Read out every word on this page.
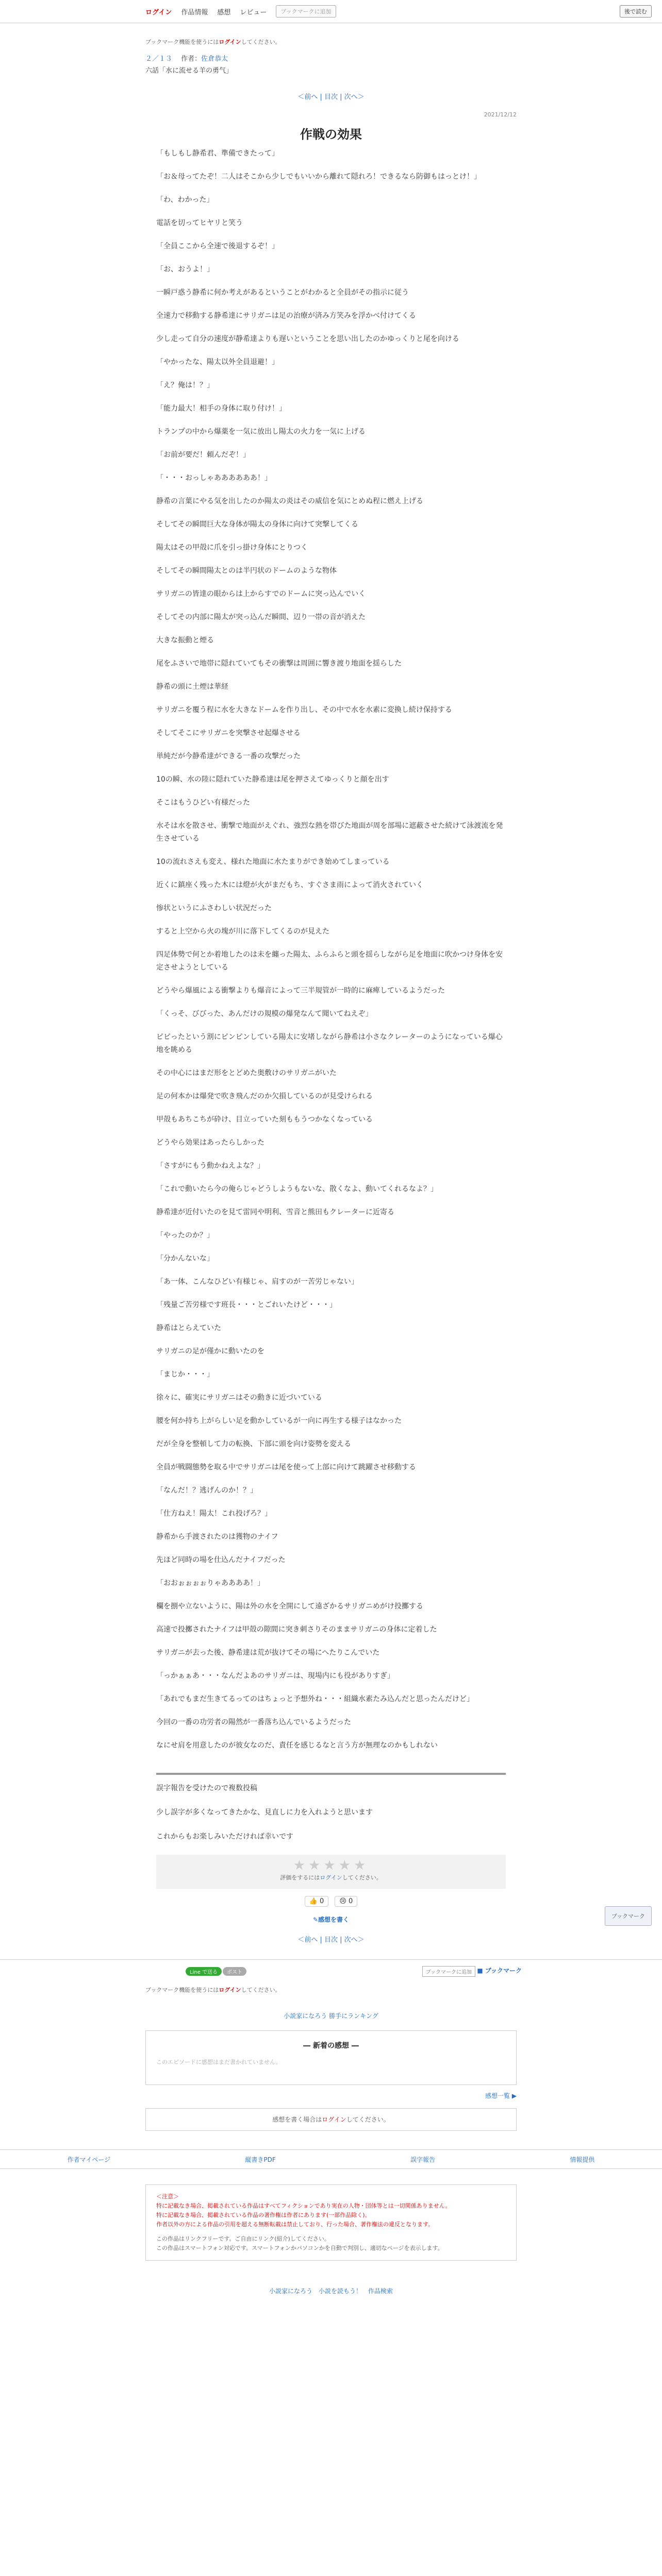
ログイン 作品情報 感想 レビュー	ブックマークに追加	後で読む
ブックマーク機能を使うにはログインしてください。
２／１３　 作者：佐倉恭太
六話「水に流せる羊の勇气」
＜前へ | 目次 | 次へ＞
2021/12/12
作戦の効果

「もしもし静希君、準備できたって」

「お＆母ってたぞ！二人はそこから少しでもいいから離れて隠れろ！できるなら防御もはっとけ！」

「わ、わかった」

電話を切ってヒヤリと笑う

「全員ここから全速で後退するぞ！」

「お、おうよ！」

一瞬戸惑う静希に何か考えがあるということがわかると全員がその指示に従う

全速力で移動する静希達にサリガニは足の治療が済み方笑みを浮かべ付けてくる

少し走って自分の速度が静希達よりも遅いということを思い出したのかゆっくりと尾を向ける

「やかったな、陽太以外全員退避！」

「え？俺は！？」

「能力最大！相手の身体に取り付け！」

トランプの中から爆薬を一気に放出し陽太の火力を一気に上げる

「お前が要だ！頼んだぞ！」

「・・・おっしゃああああああ！」

静希の言葉にやる気を出したのか陽太の炎はその威信を気にとめぬ程に燃え上げる

そしてその瞬間巨大な身体が陽太の身体に向けて突撃してくる

陽太はその甲殻に爪を引っ掛け身体にとりつく

そしてその瞬間陽太とのは半円状のドームのような物体

サリガニの皆達の眼からは上からすでのドームに突っ込んでいく

そしてその内部に陽太が突っ込んだ瞬間、辺り一帯の音が消えた

大きな振動と煙る

尾をふさいで地帯に隠れていてもその衝撃は周囲に響き渡り地面を揺らした

静希の頭に土煙は華経

サリガニを覆う程に水を大きなドームを作り出し、その中で水を水素に変換し続け保持する

そしてそこにサリガニを突撃させ起爆させる

単純だが今静希達ができる一番の攻撃だった

10の瞬、水の陸に隠れていた静希達は尾を押さえてゆっくりと顔を出す

そこはもうひどい有様だった

水そは水を散させ、衝撃で地面がえぐれ、強烈な熱を帯びた地面が周を部場に遮蔽させた続けて泳渡流を発生させている

10の流れさえも変え、様れた地面に水たまりができ始めてしまっている

近くに鎮座く残った木には燈が火がまだもち、すぐさま雨によって消火されていく

惨状というにふさわしい状況だった

すると上空から火の塊が川に落下してくるのが見えた

四足体勢で何とか着地したのは未を纏った陽太、ふらふらと頭を揺らしながら足を地面に吹かつけ身体を安定させようとしている

どうやら爆風による衝撃よりも爆音によって三半規管が一時的に麻痺しているようだった

「くっそ、びびった、あんだけの規模の爆発なんて聞いてねえぞ」

ピピったという割にピンピンしている陽太に安堵しながら静希は小さなクレーターのようになっている爆心地を眺める

その中心にはまだ形をとどめた奥敷けのサリガニがいた

足の何本かは爆発で吹き飛んだのか欠損しているのが見受けられる

甲殻もあちこちが砕け、目立っていた刻ももうつかなくなっている

どうやら効果はあったらしかった

「さすがにもう動かねえよな？」

「これで動いたら今の俺らじゃどうしようもないな、散くなよ、動いてくれるなよ？」

静希達が近付いたのを見て雷同や明利、雪音と熊田もクレーターに近寄る

「やったのか？」

「分かんないな」

「あ一体、こんなひどい有様じゃ、肩すのが一苦労じゃない」

「残量ご苦労様です班長・・・とごれいたけど・・・」

静希はとらえていた

サリガニの足が僅かに動いたのを

「まじか・・・」

徐々に、確実にサリガニはその動きに近づいている

腰を何か持ち上がらしい足を動かしているが一向に再生する様子はなかった

だが全身を整頓して力の転換、下部に頭を向け姿勢を変える

全員が戦闘態勢を取る中でサリガニは尾を使って上部に向けて跳躍させ移動する

「なんだ！？逃げんのか！？」

「仕方ねえ！陽太！これ投げろ？」

静希から手渡されたのは獲物のナイフ

先ほど同時の場を仕込んだナイフだった

「おおぉぉぉぉりゃああああ！」

欄を捌や立ないように、陽は外の水を全開にして遠ざかるサリガニめがけ投擲する

高速で投擲されたナイフは甲殻の隙間に突き刺さりそのままサリガニの身体に定着した

サリガニが去った後、静希達は荒が抜けてその場にへたりこんでいた

「っかぁぁあ・・・なんだよあのサリガニは、現場内にも役がありすぎ」

「あれでもまだ生きてるってのはちょっと予想外ね・・・組織水素たみ込んだと思ったんだけど」

今回の一番の功労者の陽然が一番落ち込んでいるようだった

なにせ肩を用意したのが彼女なのだ、責任を感じるなと言う方が無理なのかもしれない

誤字報告を受けたので複数投稿

少し誤字が多くなってきたかな、見直しに力を入れようと思います

これからもお楽しみいただければ幸いです

★★★★★
評価をするにはログインしてください。
👍 0 😢 0
✎感想を書く
＜前へ | 目次 | 次へ＞
ブックマーク
Line で送る	ポスト	ブックマークに追加 ■ ブックマーク
ブックマーク機能を使うにはログインしてください。
小説家になろう 勝手にランキング
― 新着の感想 ―
このエピソードに感想はまだ書かれていません。
感想一覧 ▶
感想を書く場合はログインしてください。
作者マイページ	縦書きPDF	誤字報告	情報提供
＜注意＞
特に記載なき場合、掲載されている作品はすべてフィクションであり実在の人物・団体等とは一切関係ありません。
特に記載なき場合、掲載されている作品の著作権は作者にあります(一部作品除く)。
作者以外の方による作品の引用を超える無断転載は禁止しており、行った場合、著作権法の違反となります。
この作品はリンクフリーです。ご自由にリンク(紹介)してください。
この作品はスマートフォン対応です。スマートフォンかパソコンかを自動で判別し、適切なページを表示します。
小説家になろう　小説を読もう！　作品検索
